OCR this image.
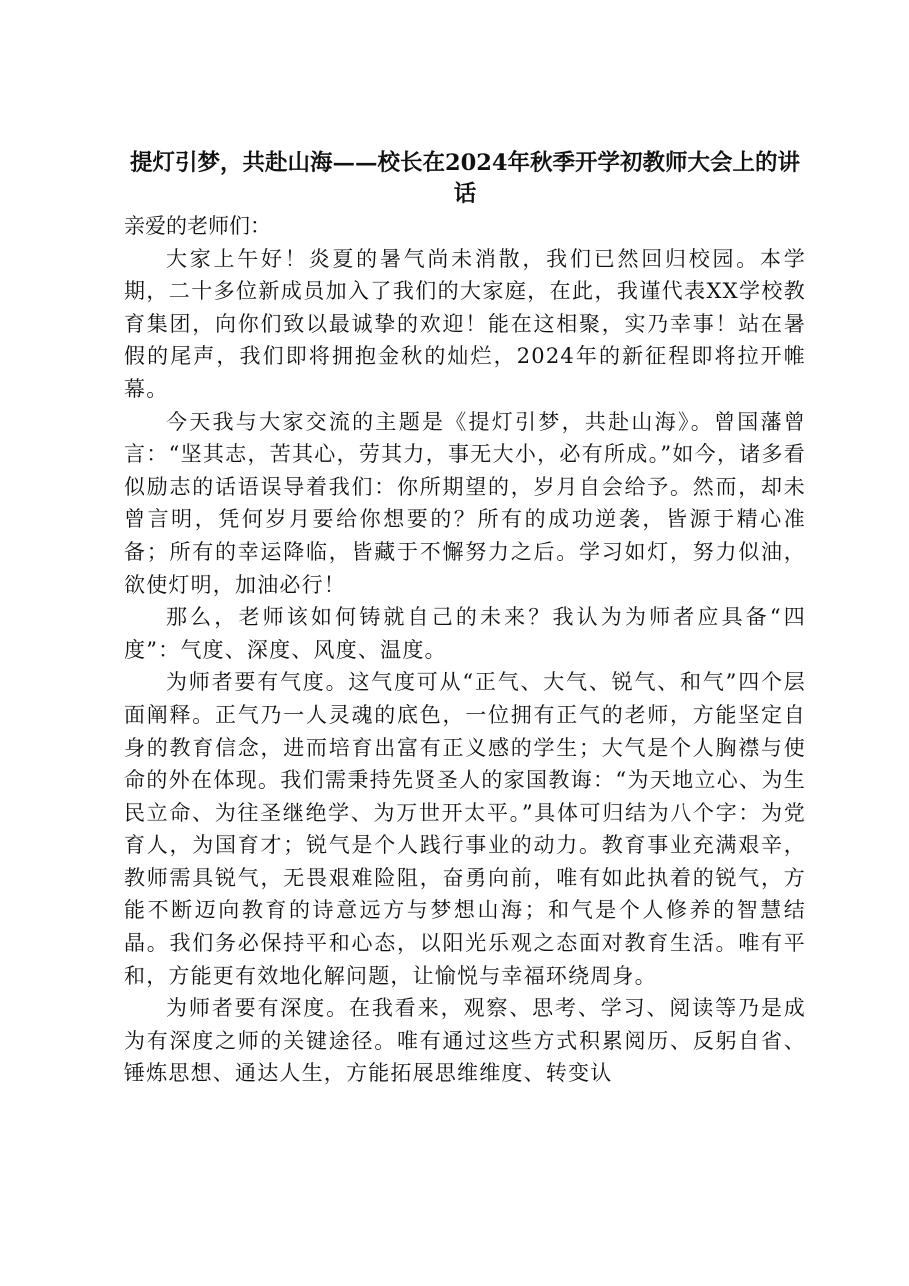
提灯引梦，共赴山海——校长在2024年秋季开学初教师大会上的讲话

亲爱的老师们：

大家上午好！炎夏的暑气尚未消散，我们已然回归校园。本学期，二十多位新成员加入了我们的大家庭，在此，我谨代表XX学校教育集团，向你们致以最诚挚的欢迎！能在这相聚，实乃幸事！站在暑假的尾声，我们即将拥抱金秋的灿烂，2024年的新征程即将拉开帷幕。

今天我与大家交流的主题是《提灯引梦，共赴山海》。曾国藩曾言：“坚其志，苦其心，劳其力，事无大小，必有所成。”如今，诸多看似励志的话语误导着我们：你所期望的，岁月自会给予。然而，却未曾言明，凭何岁月要给你想要的？所有的成功逆袭，皆源于精心准备；所有的幸运降临，皆藏于不懈努力之后。学习如灯，努力似油，欲使灯明，加油必行！

那么，老师该如何铸就自己的未来？我认为为师者应具备“四度”：气度、深度、风度、温度。

为师者要有气度。这气度可从“正气、大气、锐气、和气”四个层面阐释。正气乃一人灵魂的底色，一位拥有正气的老师，方能坚定自身的教育信念，进而培育出富有正义感的学生；大气是个人胸襟与使命的外在体现。我们需秉持先贤圣人的家国教诲：“为天地立心、为生民立命、为往圣继绝学、为万世开太平。”具体可归结为八个字：为党育人，为国育才；锐气是个人践行事业的动力。教育事业充满艰辛，教师需具锐气，无畏艰难险阻，奋勇向前，唯有如此执着的锐气，方能不断迈向教育的诗意远方与梦想山海；和气是个人修养的智慧结晶。我们务必保持平和心态，以阳光乐观之态面对教育生活。唯有平和，方能更有效地化解问题，让愉悦与幸福环绕周身。

为师者要有深度。在我看来，观察、思考、学习、阅读等乃是成为有深度之师的关键途径。唯有通过这些方式积累阅历、反躬自省、锤炼思想、通达人生，方能拓展思维维度、转变认
